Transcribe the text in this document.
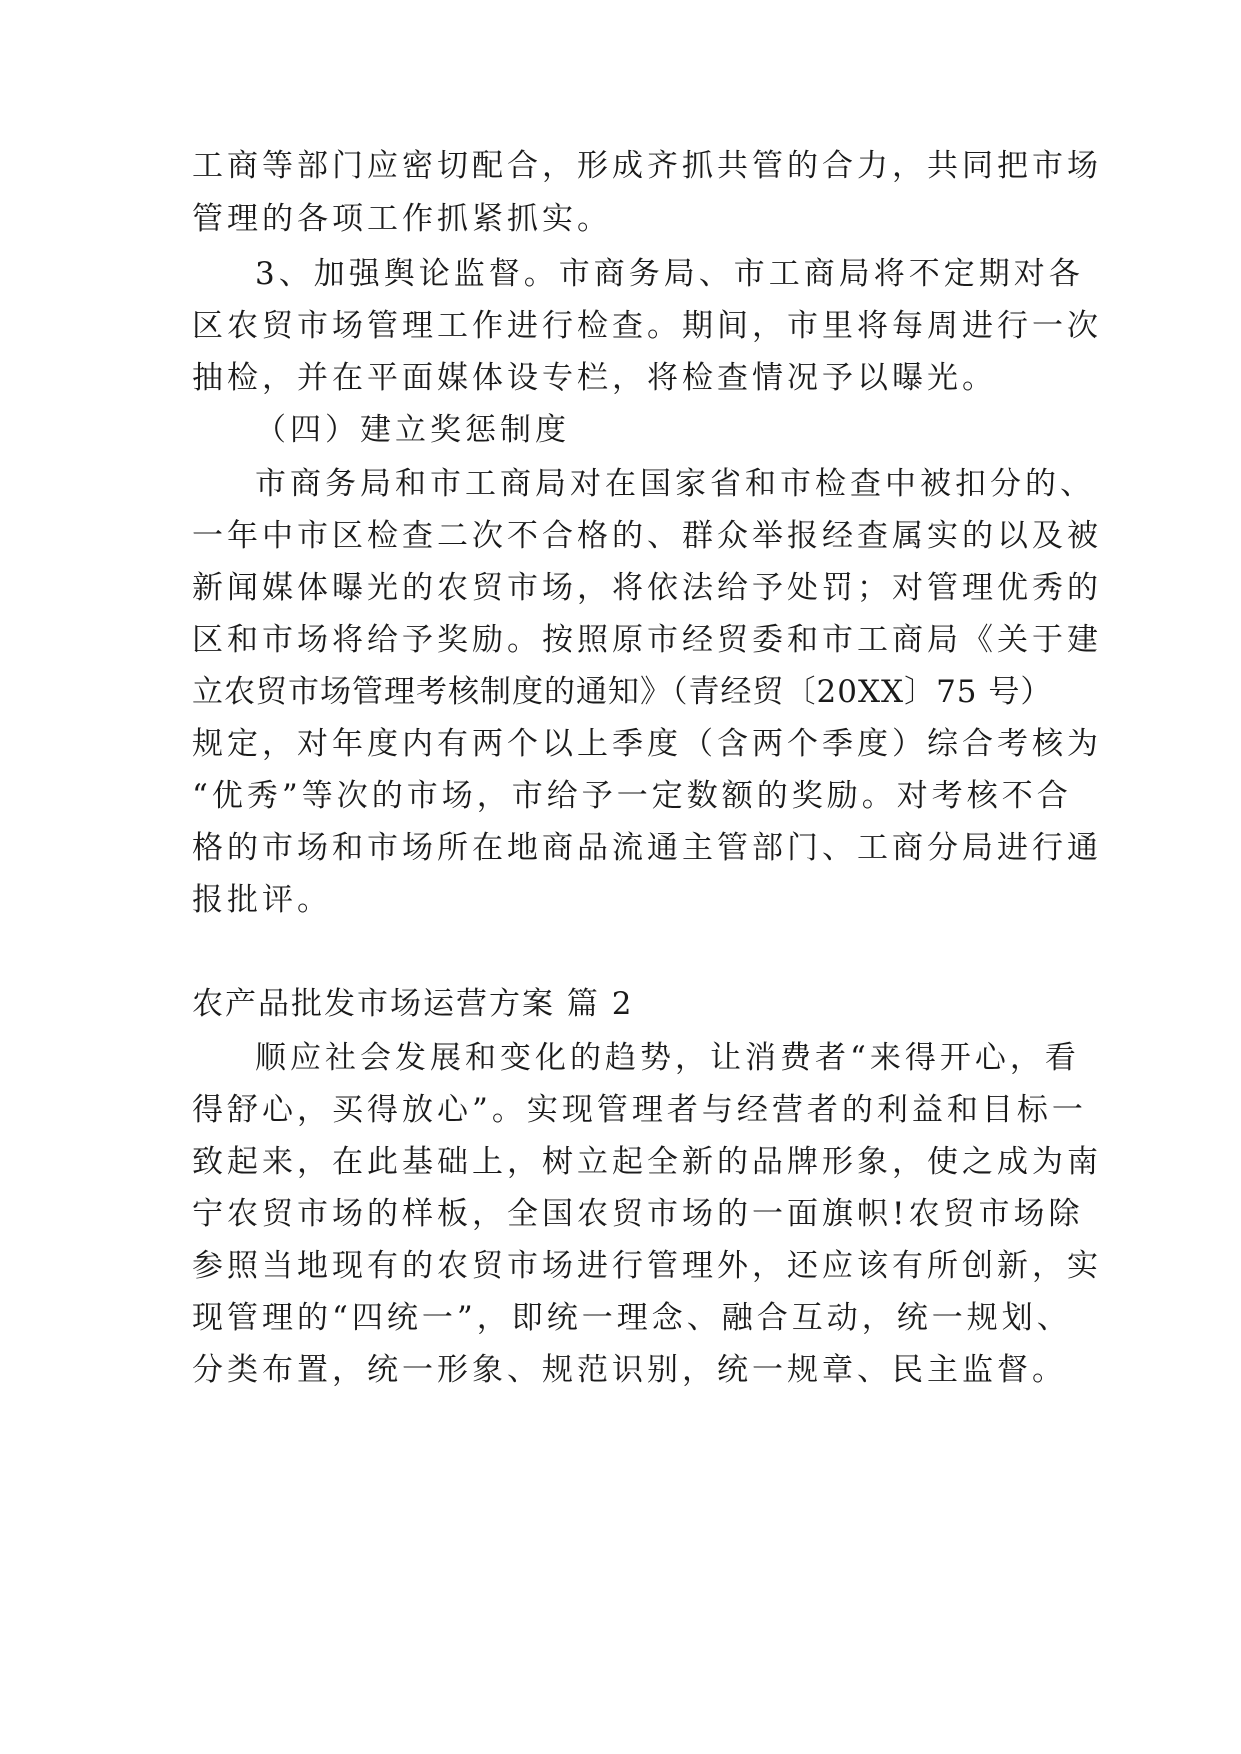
工商等部门应密切配合，形成齐抓共管的合力，共同把市场
管理的各项工作抓紧抓实。
3、加强舆论监督。市商务局、市工商局将不定期对各
区农贸市场管理工作进行检查。期间，市里将每周进行一次
抽检，并在平面媒体设专栏，将检查情况予以曝光。
（四）建立奖惩制度
市商务局和市工商局对在国家省和市检查中被扣分的、
一年中市区检查二次不合格的、群众举报经查属实的以及被
新闻媒体曝光的农贸市场，将依法给予处罚；对管理优秀的
区和市场将给予奖励。按照原市经贸委和市工商局《关于建
立农贸市场管理考核制度的通知》（青经贸〔20XX〕75 号）
规定，对年度内有两个以上季度（含两个季度）综合考核为
“优秀”等次的市场，市给予一定数额的奖励。对考核不合
格的市场和市场所在地商品流通主管部门、工商分局进行通
报批评。
农产品批发市场运营方案 篇 2
顺应社会发展和变化的趋势，让消费者“来得开心，看
得舒心，买得放心”。实现管理者与经营者的利益和目标一
致起来，在此基础上，树立起全新的品牌形象，使之成为南
宁农贸市场的样板，全国农贸市场的一面旗帜!农贸市场除
参照当地现有的农贸市场进行管理外，还应该有所创新，实
现管理的“四统一”，即统一理念、融合互动，统一规划、
分类布置，统一形象、规范识别，统一规章、民主监督。
